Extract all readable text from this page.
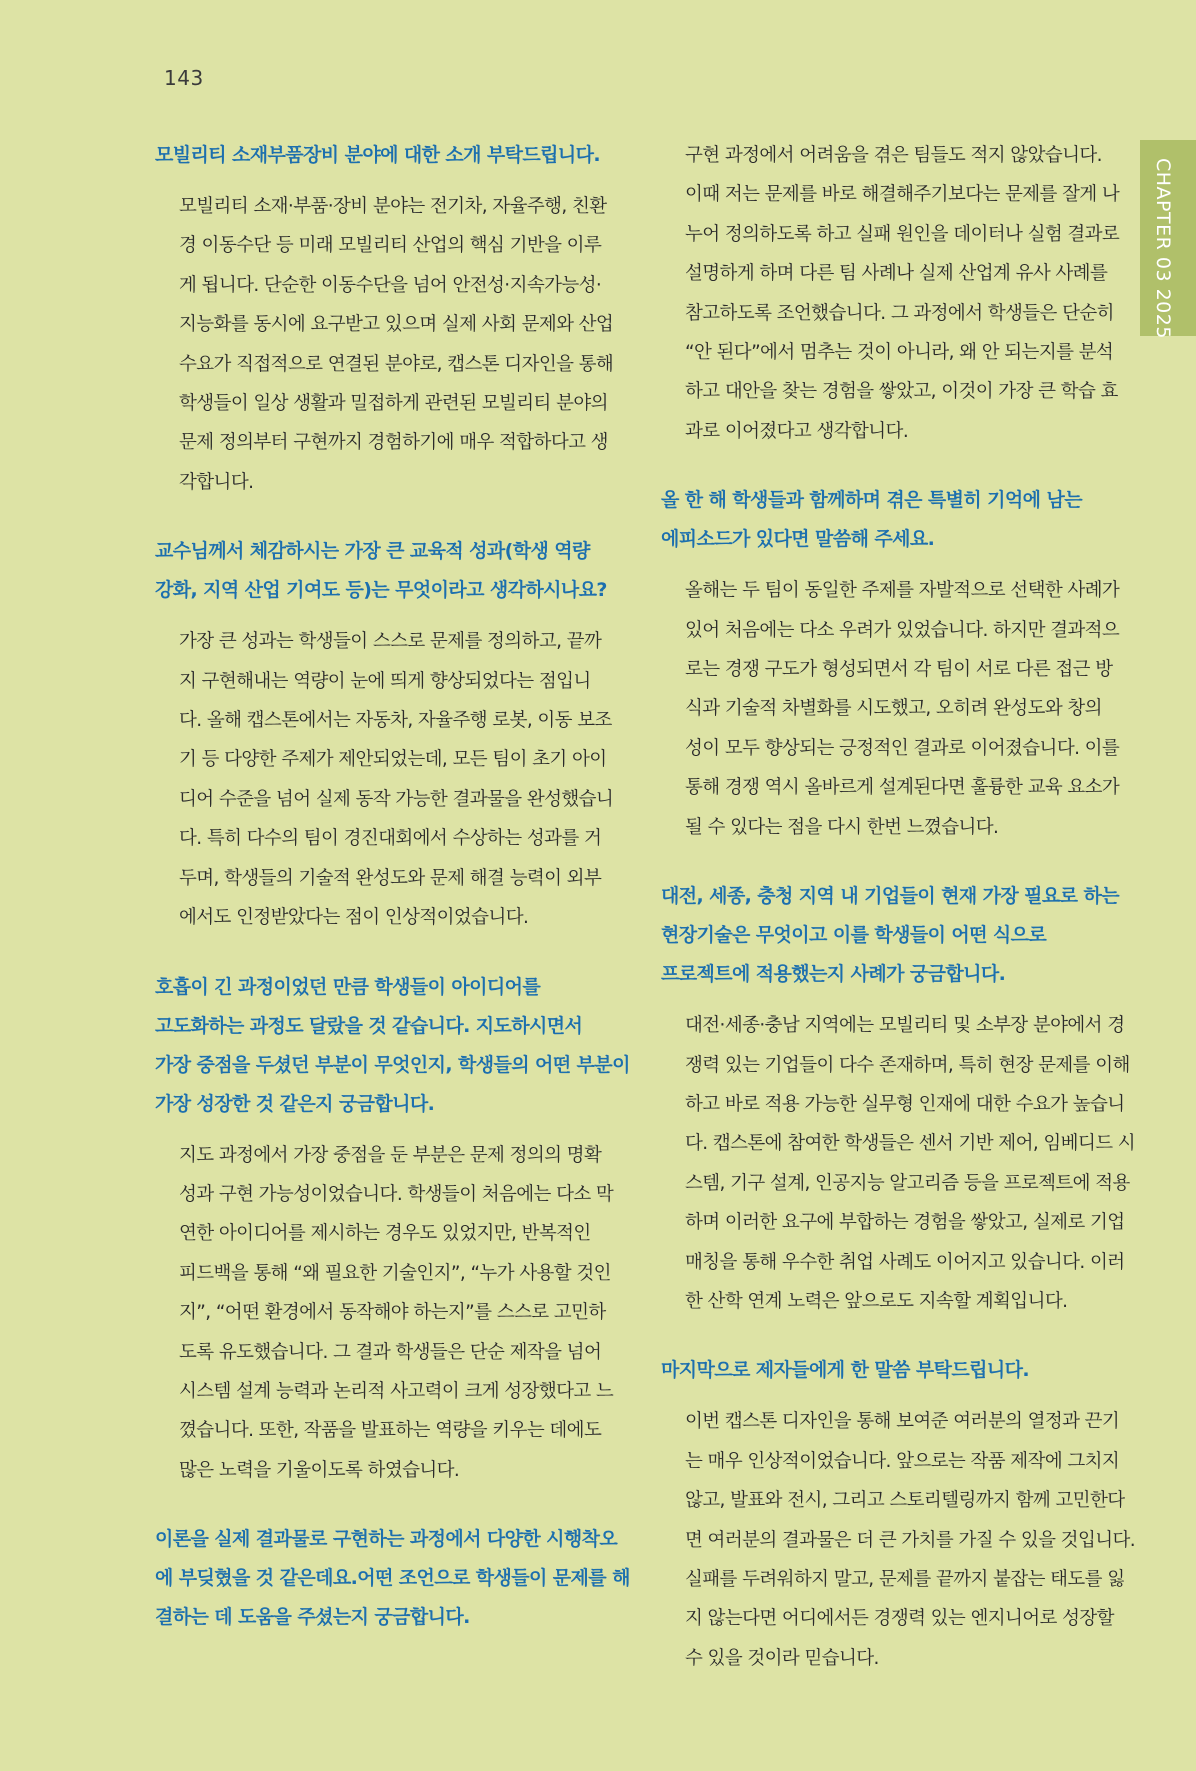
143
CHAPTER 03 2025

모빌리티 소재부품장비 분야에 대한 소개 부탁드립니다.

모빌리티 소재·부품·장비 분야는 전기차, 자율주행, 친환
경 이동수단 등 미래 모빌리티 산업의 핵심 기반을 이루
게 됩니다. 단순한 이동수단을 넘어 안전성·지속가능성·
지능화를 동시에 요구받고 있으며 실제 사회 문제와 산업
수요가 직접적으로 연결된 분야로, 캡스톤 디자인을 통해
학생들이 일상 생활과 밀접하게 관련된 모빌리티 분야의
문제 정의부터 구현까지 경험하기에 매우 적합하다고 생
각합니다.

교수님께서 체감하시는 가장 큰 교육적 성과(학생 역량
강화, 지역 산업 기여도 등)는 무엇이라고 생각하시나요?

가장 큰 성과는 학생들이 스스로 문제를 정의하고, 끝까
지 구현해내는 역량이 눈에 띄게 향상되었다는 점입니
다. 올해 캡스톤에서는 자동차, 자율주행 로봇, 이동 보조
기 등 다양한 주제가 제안되었는데, 모든 팀이 초기 아이
디어 수준을 넘어 실제 동작 가능한 결과물을 완성했습니
다. 특히 다수의 팀이 경진대회에서 수상하는 성과를 거
두며, 학생들의 기술적 완성도와 문제 해결 능력이 외부
에서도 인정받았다는 점이 인상적이었습니다.

호흡이 긴 과정이었던 만큼 학생들이 아이디어를
고도화하는 과정도 달랐을 것 같습니다. 지도하시면서
가장 중점을 두셨던 부분이 무엇인지, 학생들의 어떤 부분이
가장 성장한 것 같은지 궁금합니다.

지도 과정에서 가장 중점을 둔 부분은 문제 정의의 명확
성과 구현 가능성이었습니다. 학생들이 처음에는 다소 막
연한 아이디어를 제시하는 경우도 있었지만, 반복적인
피드백을 통해 “왜 필요한 기술인지”, “누가 사용할 것인
지”, “어떤 환경에서 동작해야 하는지”를 스스로 고민하
도록 유도했습니다. 그 결과 학생들은 단순 제작을 넘어
시스템 설계 능력과 논리적 사고력이 크게 성장했다고 느
꼈습니다. 또한, 작품을 발표하는 역량을 키우는 데에도
많은 노력을 기울이도록 하였습니다.

이론을 실제 결과물로 구현하는 과정에서 다양한 시행착오
에 부딪혔을 것 같은데요.어떤 조언으로 학생들이 문제를 해
결하는 데 도움을 주셨는지 궁금합니다.

구현 과정에서 어려움을 겪은 팀들도 적지 않았습니다.
이때 저는 문제를 바로 해결해주기보다는 문제를 잘게 나
누어 정의하도록 하고 실패 원인을 데이터나 실험 결과로
설명하게 하며 다른 팀 사례나 실제 산업계 유사 사례를
참고하도록 조언했습니다. 그 과정에서 학생들은 단순히
“안 된다”에서 멈추는 것이 아니라, 왜 안 되는지를 분석
하고 대안을 찾는 경험을 쌓았고, 이것이 가장 큰 학습 효
과로 이어졌다고 생각합니다.

올 한 해 학생들과 함께하며 겪은 특별히 기억에 남는
에피소드가 있다면 말씀해 주세요.

올해는 두 팀이 동일한 주제를 자발적으로 선택한 사례가
있어 처음에는 다소 우려가 있었습니다. 하지만 결과적으
로는 경쟁 구도가 형성되면서 각 팀이 서로 다른 접근 방
식과 기술적 차별화를 시도했고, 오히려 완성도와 창의
성이 모두 향상되는 긍정적인 결과로 이어졌습니다. 이를
통해 경쟁 역시 올바르게 설계된다면 훌륭한 교육 요소가
될 수 있다는 점을 다시 한번 느꼈습니다.

대전, 세종, 충청 지역 내 기업들이 현재 가장 필요로 하는
현장기술은 무엇이고 이를 학생들이 어떤 식으로
프로젝트에 적용했는지 사례가 궁금합니다.

대전·세종·충남 지역에는 모빌리티 및 소부장 분야에서 경
쟁력 있는 기업들이 다수 존재하며, 특히 현장 문제를 이해
하고 바로 적용 가능한 실무형 인재에 대한 수요가 높습니
다. 캡스톤에 참여한 학생들은 센서 기반 제어, 임베디드 시
스템, 기구 설계, 인공지능 알고리즘 등을 프로젝트에 적용
하며 이러한 요구에 부합하는 경험을 쌓았고, 실제로 기업
매칭을 통해 우수한 취업 사례도 이어지고 있습니다. 이러
한 산학 연계 노력은 앞으로도 지속할 계획입니다.

마지막으로 제자들에게 한 말씀 부탁드립니다.

이번 캡스톤 디자인을 통해 보여준 여러분의 열정과 끈기
는 매우 인상적이었습니다. 앞으로는 작품 제작에 그치지
않고, 발표와 전시, 그리고 스토리텔링까지 함께 고민한다
면 여러분의 결과물은 더 큰 가치를 가질 수 있을 것입니다.
실패를 두려워하지 말고, 문제를 끝까지 붙잡는 태도를 잃
지 않는다면 어디에서든 경쟁력 있는 엔지니어로 성장할
수 있을 것이라 믿습니다.
